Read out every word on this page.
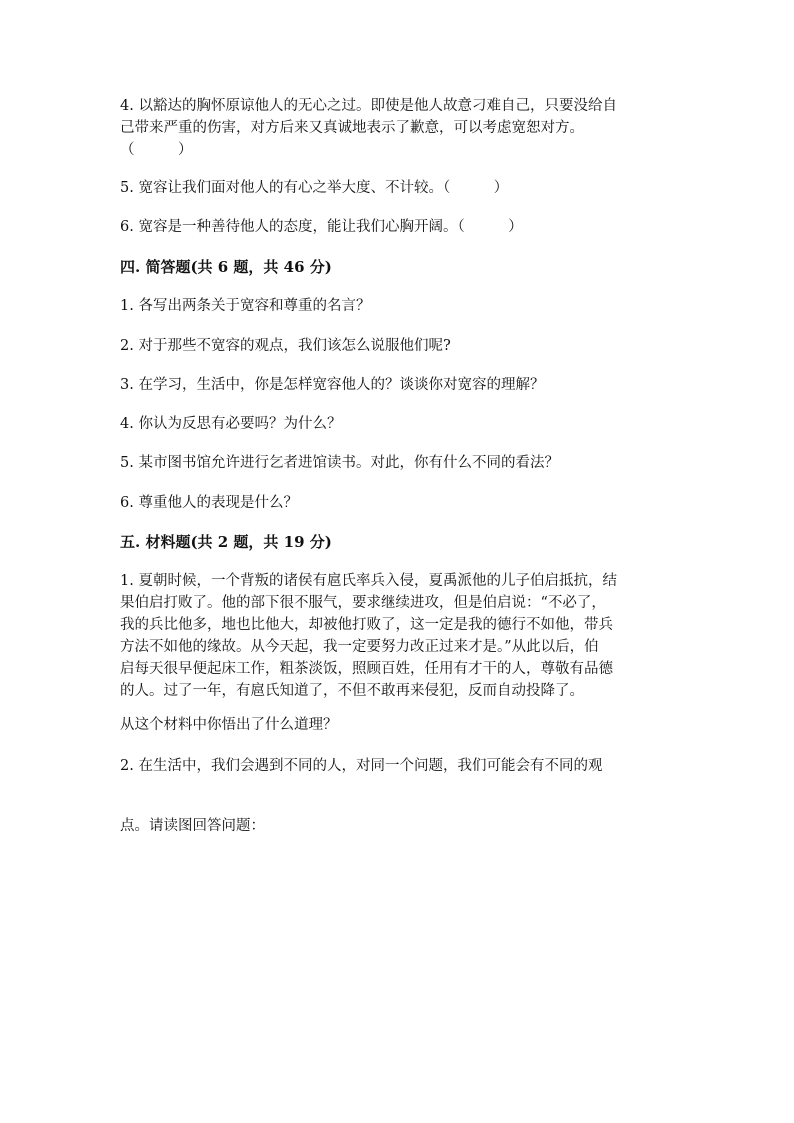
4. 以豁达的胸怀原谅他人的无心之过。即使是他人故意刁难自己，只要没给自
己带来严重的伤害，对方后来又真诚地表示了歉意，可以考虑宽恕对方。
（　　　）
5. 宽容让我们面对他人的有心之举大度、不计较。（　　　）
6. 宽容是一种善待他人的态度，能让我们心胸开阔。（　　　）
四. 简答题(共 6 题，共 46 分)
1. 各写出两条关于宽容和尊重的名言？
2. 对于那些不宽容的观点，我们该怎么说服他们呢?
3. 在学习，生活中，你是怎样宽容他人的？谈谈你对宽容的理解？
4. 你认为反思有必要吗？为什么？
5. 某市图书馆允许进行乞者进馆读书。对此，你有什么不同的看法？
6. 尊重他人的表现是什么？
五. 材料题(共 2 题，共 19 分)
1. 夏朝时候，一个背叛的诸侯有扈氏率兵入侵，夏禹派他的儿子伯启抵抗，结
果伯启打败了。他的部下很不服气，要求继续进攻，但是伯启说：“不必了，
我的兵比他多，地也比他大，却被他打败了，这一定是我的德行不如他，带兵
方法不如他的缘故。从今天起，我一定要努力改正过来才是。”从此以后，伯
启每天很早便起床工作，粗茶淡饭，照顾百姓，任用有才干的人，尊敬有品德
的人。过了一年，有扈氏知道了，不但不敢再来侵犯，反而自动投降了。
从这个材料中你悟出了什么道理？
2. 在生活中，我们会遇到不同的人，对同一个问题，我们可能会有不同的观
点。请读图回答问题：
